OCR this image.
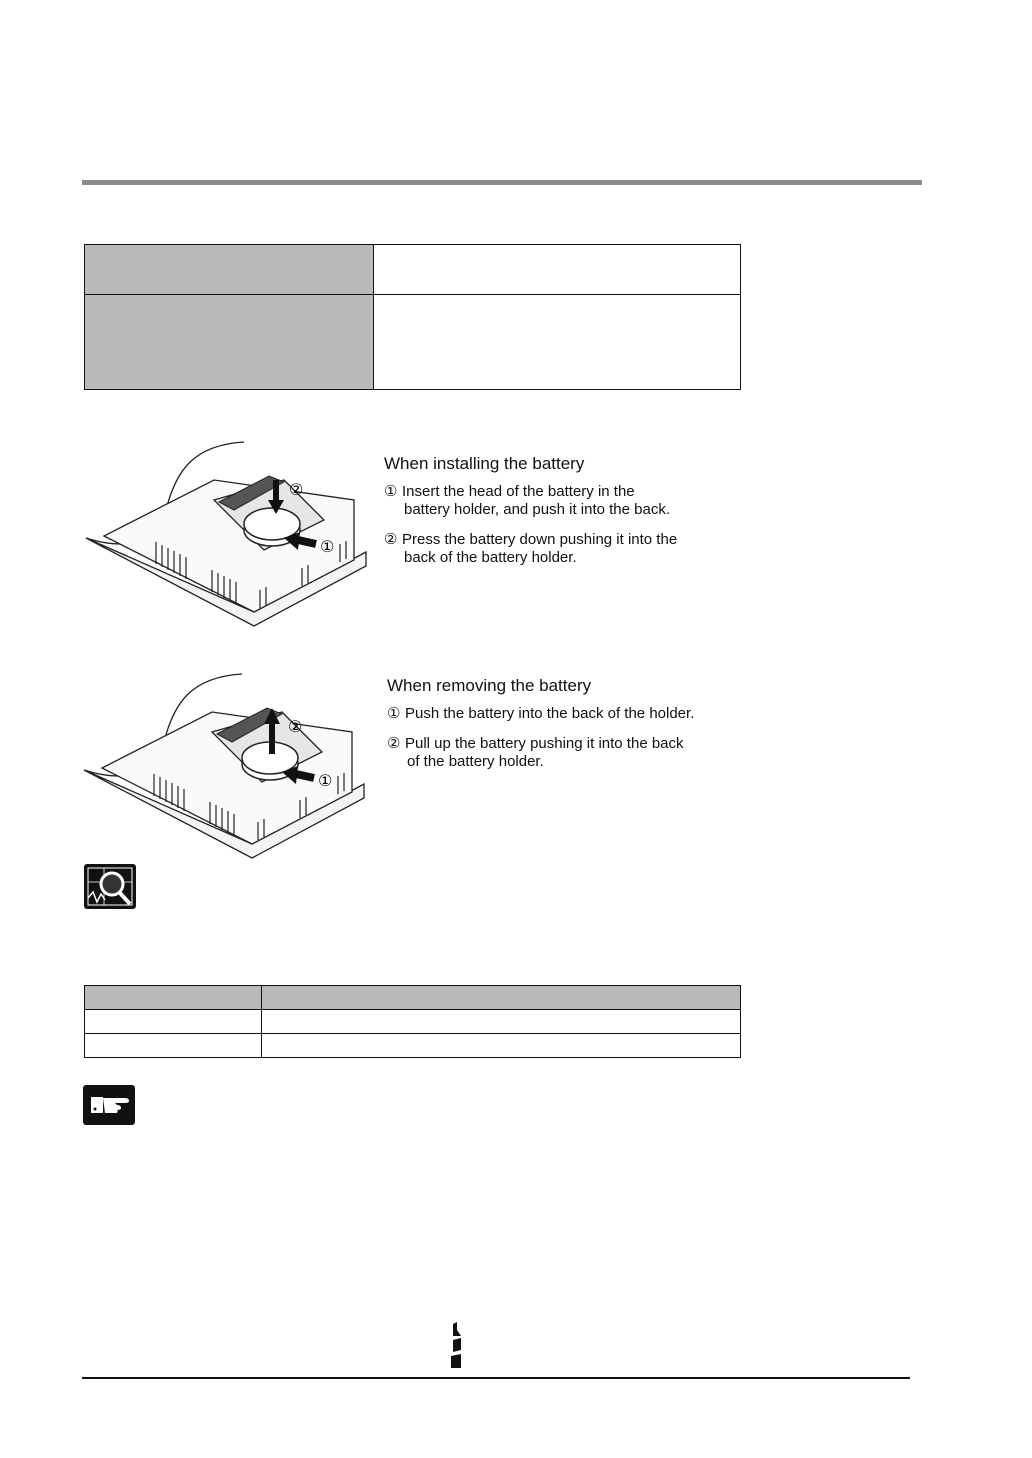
②
①
When installing the battery
① Insert the head of the battery in the
battery holder, and push it into the back.
② Press the battery down pushing it into the
back of the battery holder.
②
①
When removing the battery
① Push the battery into the back of the holder.
② Pull up the battery pushing it into the back
of the battery holder.
